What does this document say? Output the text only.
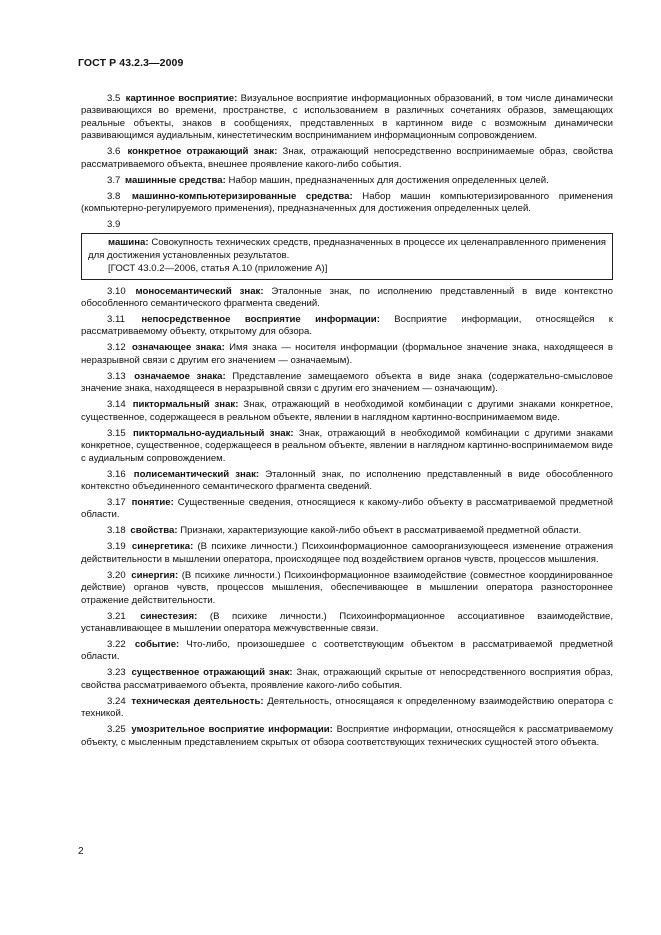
ГОСТ Р 43.2.3—2009

3.5 картинное восприятие: Визуальное восприятие информационных образований, в том числе динамически развивающихся во времени, пространстве, с использованием в различных сочетаниях образов, замещающих реальные объекты, знаков в сообщениях, представленных в картинном виде с возможным динамически развивающимся аудиальным, кинестетическим восприниманием информационным сопровождением.

3.6 конкретное отражающий знак: Знак, отражающий непосредственно воспринимаемые образ, свойства рассматриваемого объекта, внешнее проявление какого-либо события.

3.7 машинные средства: Набор машин, предназначенных для достижения определенных целей.

3.8 машинно-компьютеризированные средства: Набор машин компьютеризированного применения (компьютерно-регулируемого применения), предназначенных для достижения определенных целей.

3.9

машина: Совокупность технических средств, предназначенных в процессе их целенаправленного применения для достижения установленных результатов.

[ГОСТ 43.0.2—2006, статья А.10 (приложение А)]

3.10 моносемантический знак: Эталонные знак, по исполнению представленный в виде контекстно обособленного семантического фрагмента сведений.

3.11 непосредственное восприятие информации: Восприятие информации, относящейся к рассматриваемому объекту, открытому для обзора.

3.12 означающее знака: Имя знака — носителя информации (формальное значение знака, находящееся в неразрывной связи с другим его значением — означаемым).

3.13 означаемое знака: Представление замещаемого объекта в виде знака (содержательно-смысловое значение знака, находящееся в неразрывной связи с другим его значением — означающим).

3.14 пиктормальный знак: Знак, отражающий в необходимой комбинации с другими знаками конкретное, существенное, содержащееся в реальном объекте, явлении в наглядном картинно-воспринимаемом виде.

3.15 пиктормально-аудиальный знак: Знак, отражающий в необходимой комбинации с другими знаками конкретное, существенное, содержащееся в реальном объекте, явлении в наглядном картинно-воспринимаемом виде с аудиальным сопровождением.

3.16 полисемантический знак: Эталонный знак, по исполнению представленный в виде обособленного контекстно объединенного семантического фрагмента сведений.

3.17 понятие: Существенные сведения, относящиеся к какому-либо объекту в рассматриваемой предметной области.

3.18 свойства: Признаки, характеризующие какой-либо объект в рассматриваемой предметной области.

3.19 синергетика: (В психике личности.) Психоинформационное самоорганизующееся изменение отражения действительности в мышлении оператора, происходящее под воздействием органов чувств, процессов мышления.

3.20 синергия: (В психике личности.) Психоинформационное взаимодействие (совместное координированное действие) органов чувств, процессов мышления, обеспечивающее в мышлении оператора разностороннее отражение действительности.

3.21 синестезия: (В психике личности.) Психоинформационное ассоциативное взаимодействие, устанавливающее в мышлении оператора межчувственные связи.

3.22 событие: Что-либо, произошедшее с соответствующим объектом в рассматриваемой предметной области.

3.23 существенное отражающий знак: Знак, отражающий скрытые от непосредственного восприятия образ, свойства рассматриваемого объекта, проявление какого-либо события.

3.24 техническая деятельность: Деятельность, относящаяся к определенному взаимодействию оператора с техникой.

3.25 умозрительное восприятие информации: Восприятие информации, относящейся к рассматриваемому объекту, с мысленным представлением скрытых от обзора соответствующих технических сущностей этого объекта.

2
